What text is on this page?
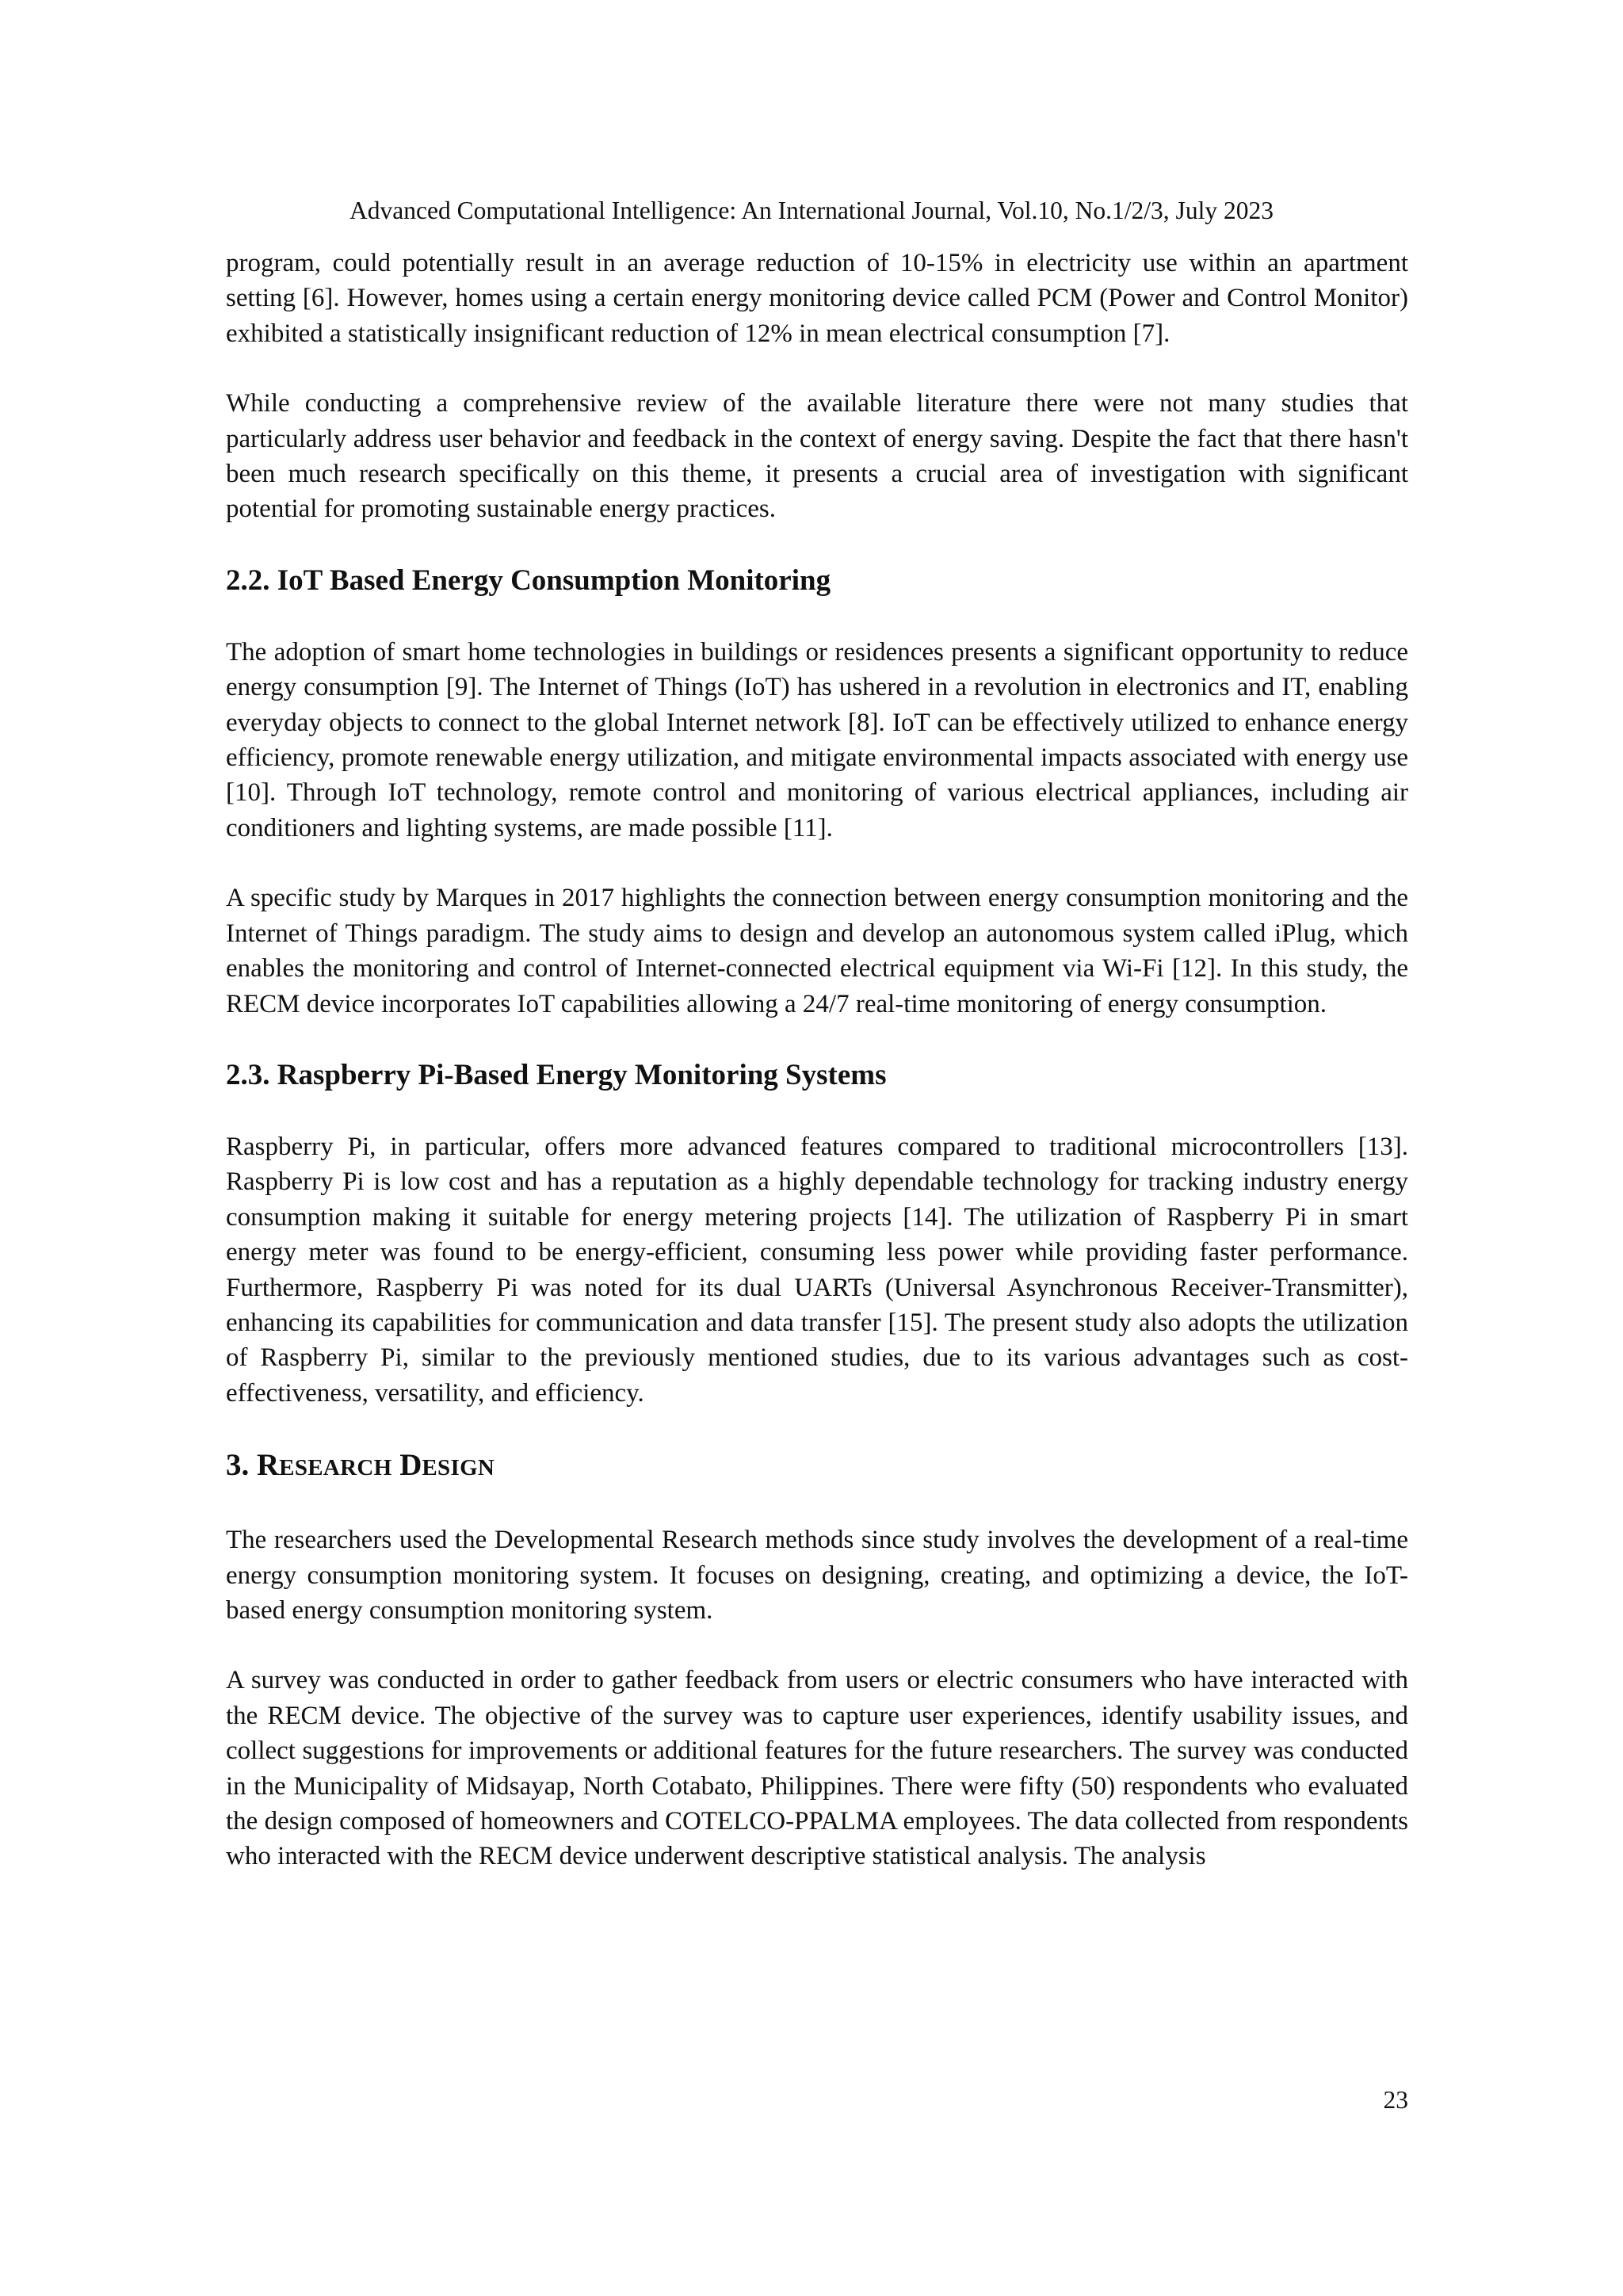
Advanced Computational Intelligence: An International Journal, Vol.10, No.1/2/3, July 2023

program, could potentially result in an average reduction of 10-15% in electricity use within an apartment setting [6]. However, homes using a certain energy monitoring device called PCM (Power and Control Monitor) exhibited a statistically insignificant reduction of 12% in mean electrical consumption [7].

While conducting a comprehensive review of the available literature there were not many studies that particularly address user behavior and feedback in the context of energy saving. Despite the fact that there hasn't been much research specifically on this theme, it presents a crucial area of investigation with significant potential for promoting sustainable energy practices.

2.2. IoT Based Energy Consumption Monitoring

The adoption of smart home technologies in buildings or residences presents a significant opportunity to reduce energy consumption [9]. The Internet of Things (IoT) has ushered in a revolution in electronics and IT, enabling everyday objects to connect to the global Internet network [8]. IoT can be effectively utilized to enhance energy efficiency, promote renewable energy utilization, and mitigate environmental impacts associated with energy use [10]. Through IoT technology, remote control and monitoring of various electrical appliances, including air conditioners and lighting systems, are made possible [11].

A specific study by Marques in 2017 highlights the connection between energy consumption monitoring and the Internet of Things paradigm. The study aims to design and develop an autonomous system called iPlug, which enables the monitoring and control of Internet-connected electrical equipment via Wi-Fi [12]. In this study, the RECM device incorporates IoT capabilities allowing a 24/7 real-time monitoring of energy consumption.

2.3. Raspberry Pi-Based Energy Monitoring Systems

Raspberry Pi, in particular, offers more advanced features compared to traditional microcontrollers [13]. Raspberry Pi is low cost and has a reputation as a highly dependable technology for tracking industry energy consumption making it suitable for energy metering projects [14]. The utilization of Raspberry Pi in smart energy meter was found to be energy-efficient, consuming less power while providing faster performance. Furthermore, Raspberry Pi was noted for its dual UARTs (Universal Asynchronous Receiver-Transmitter), enhancing its capabilities for communication and data transfer [15]. The present study also adopts the utilization of Raspberry Pi, similar to the previously mentioned studies, due to its various advantages such as cost-effectiveness, versatility, and efficiency.

3. RESEARCH DESIGN

The researchers used the Developmental Research methods since study involves the development of a real-time energy consumption monitoring system. It focuses on designing, creating, and optimizing a device, the IoT-based energy consumption monitoring system.

A survey was conducted in order to gather feedback from users or electric consumers who have interacted with the RECM device. The objective of the survey was to capture user experiences, identify usability issues, and collect suggestions for improvements or additional features for the future researchers. The survey was conducted in the Municipality of Midsayap, North Cotabato, Philippines. There were fifty (50) respondents who evaluated the design composed of homeowners and COTELCO-PPALMA employees. The data collected from respondents who interacted with the RECM device underwent descriptive statistical analysis. The analysis

23
